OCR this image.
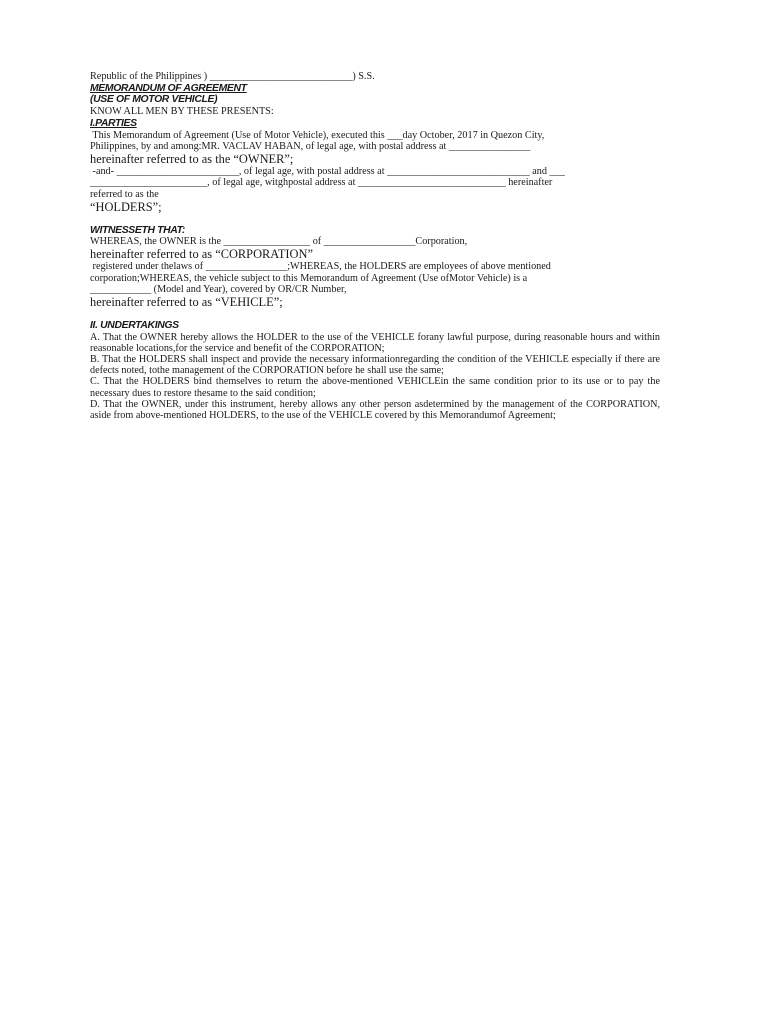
Republic of the Philippines ) ____________________________) S.S.

MEMORANDUM OF AGREEMENT

(USE OF MOTOR VEHICLE)

KNOW ALL MEN BY THESE PRESENTS:

I.PARTIES

This Memorandum of Agreement (Use of Motor Vehicle), executed this ___day October, 2017 in Quezon City,

Philippines, by and among:MR. VACLAV HABAN, of legal age, with postal address at ________________

hereinafter referred to as the “OWNER”;

-and- ________________________, of legal age, with postal address at ____________________________ and ___

_______________________, of legal age, witghpostal address at _____________________________ hereinafter

referred to as the

“HOLDERS”;

WITNESSETH THAT:

WHEREAS, the OWNER is the _________________ of __________________Corporation,

hereinafter referred to as “CORPORATION”

registered under thelaws of ________________;WHEREAS, the HOLDERS are employees of above mentioned

corporation;WHEREAS, the vehicle subject to this Memorandum of Agreement (Use ofMotor Vehicle) is a

____________ (Model and Year), covered by OR/CR Number,

hereinafter referred to as “VEHICLE”;

II. UNDERTAKINGS

A. That the OWNER hereby allows the HOLDER to the use of the VEHICLE forany lawful purpose, during reasonable hours and within reasonable locations,for the service and benefit of the CORPORATION;

B. That the HOLDERS shall inspect and provide the necessary informationregarding the condition of the VEHICLE especially if there are defects noted, tothe management of the CORPORATION before he shall use the same;

C. That the HOLDERS bind themselves to return the above-mentioned VEHICLEin the same condition prior to its use or to pay the necessary dues to restore thesame to the said condition;

D. That the OWNER, under this instrument, hereby allows any other person asdetermined by the management of the CORPORATION, aside from above-mentioned HOLDERS, to the use of the VEHICLE covered by this Memorandumof Agreement;
